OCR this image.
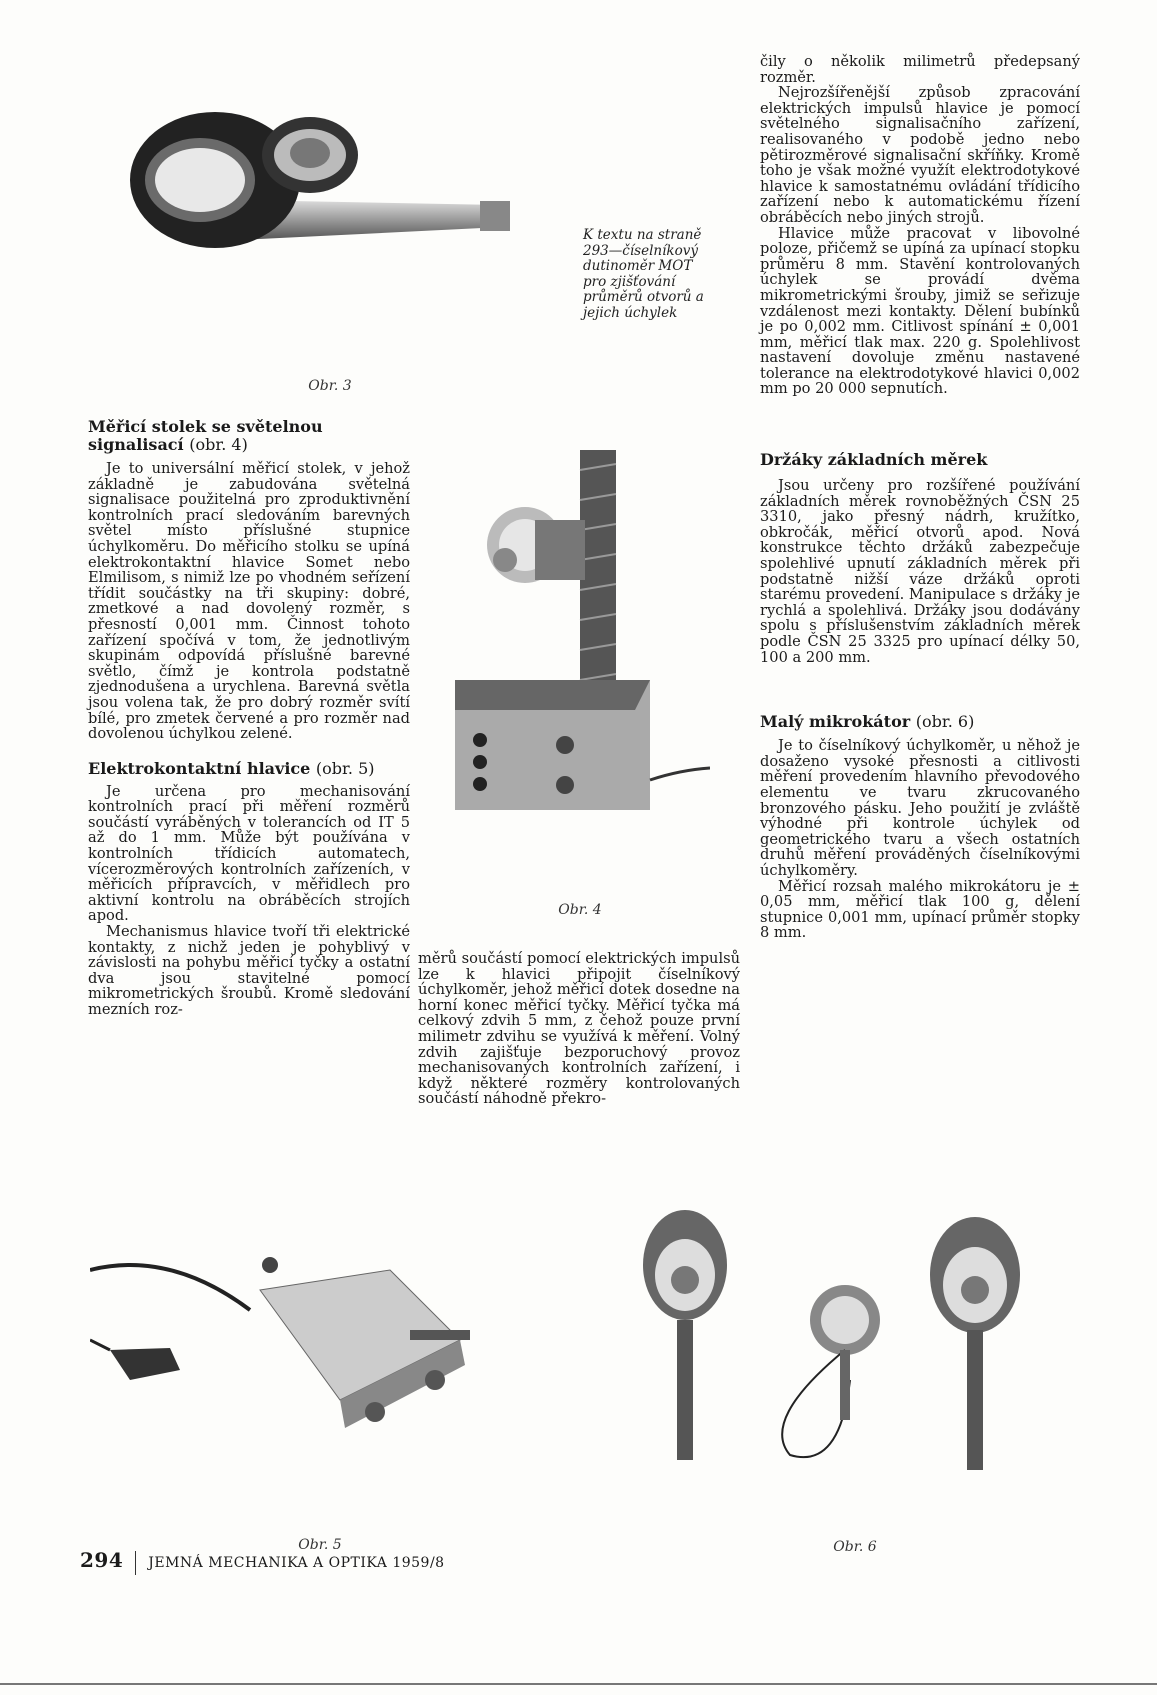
Obr. 3
K textu na straně 293—číselníkový dutinoměr MOT pro zjišťování průměrů otvorů a jejich úchylek
Měřicí stolek se světelnou signalisací (obr. 4)

Je to universální měřicí stolek, v jehož základně je zabudována světelná signalisace použitelná pro zproduktivnění kontrolních prací sledováním barevných světel místo příslušné stupnice úchylkoměru. Do měřicího stolku se upíná elektrokontaktní hlavice Somet nebo Elmilisom, s nimiž lze po vhodném seřízení třídit součástky na tři skupiny: dobré, zmetkové a nad dovolený rozměr, s přesností 0,001 mm. Činnost tohoto zařízení spočívá v tom, že jednotlivým skupinám odpovídá příslušné barevné světlo, čímž je kontrola podstatně zjednodušena a urychlena. Barevná světla jsou volena tak, že pro dobrý rozměr svítí bílé, pro zmetek červené a pro rozměr nad dovolenou úchylkou zelené.

Elektrokontaktní hlavice (obr. 5)

Je určena pro mechanisování kontrolních prací při měření rozměrů součástí vyráběných v tolerancích od IT 5 až do 1 mm. Může být používána v kontrolních třídicích automatech, vícerozměrových kontrolních zařízeních, v měřicích přípravcích, v měřidlech pro aktivní kontrolu na obráběcích strojích apod.

Mechanismus hlavice tvoří tři elektrické kontakty, z nichž jeden je pohyblivý v závislosti na pohybu měřicí tyčky a ostatní dva jsou stavitelné pomocí mikrometrických šroubů. Kromě sledování mezních roz-

Obr. 4

měrů součástí pomocí elektrických impulsů lze k hlavici připojit číselníkový úchylkoměr, jehož měřicí dotek dosedne na horní konec měřicí tyčky. Měřicí tyčka má celkový zdvih 5 mm, z čehož pouze první milimetr zdvihu se využívá k měření. Volný zdvih zajišťuje bezporuchový provoz mechanisovaných kontrolních zařízení, i když některé rozměry kontrolovaných součástí náhodně překro-

čily o několik milimetrů předepsaný rozměr.

Nejrozšířenější způsob zpracování elektrických impulsů hlavice je pomocí světelného signalisačního zařízení, realisovaného v podobě jedno nebo pětirozměrové signalisační skříňky. Kromě toho je však možné využít elektrodotykové hlavice k samostatnému ovládání třídicího zařízení nebo k automatickému řízení obráběcích nebo jiných strojů.

Hlavice může pracovat v libovolné poloze, přičemž se upíná za upínací stopku průměru 8 mm. Stavění kontrolovaných úchylek se provádí dvěma mikrometrickými šrouby, jimiž se seřizuje vzdálenost mezi kontakty. Dělení bubínků je po 0,002 mm. Citlivost spínání ± 0,001 mm, měřicí tlak max. 220 g. Spolehlivost nastavení dovoluje změnu nastavené tolerance na elektrodotykové hlavici 0,002 mm po 20 000 sepnutích.

Držáky základních měrek

Jsou určeny pro rozšířené používání základních měrek rovnoběžných ČSN 25 3310, jako přesný nádrh, kružítko, obkročák, měřicí otvorů apod. Nová konstrukce těchto držáků zabezpečuje spolehlivé upnutí základních měrek při podstatně nižší váze držáků oproti starému provedení. Manipulace s držáky je rychlá a spolehlivá. Držáky jsou dodávány spolu s příslušenstvím základních měrek podle ČSN 25 3325 pro upínací délky 50, 100 a 200 mm.

Malý mikrokátor (obr. 6)

Je to číselníkový úchylkoměr, u něhož je dosaženo vysoké přesnosti a citlivosti měření provedením hlavního převodového elementu ve tvaru zkrucovaného bronzového pásku. Jeho použití je zvláště výhodné při kontrole úchylek od geometrického tvaru a všech ostatních druhů měření prováděných číselníkovými úchylkoměry.

Měřicí rozsah malého mikrokátoru je ± 0,05 mm, měřicí tlak 100 g, dělení stupnice 0,001 mm, upínací průměr stopky 8 mm.

Obr. 5	Obr. 6
294 JEMNÁ MECHANIKA A OPTIKA 1959/8
